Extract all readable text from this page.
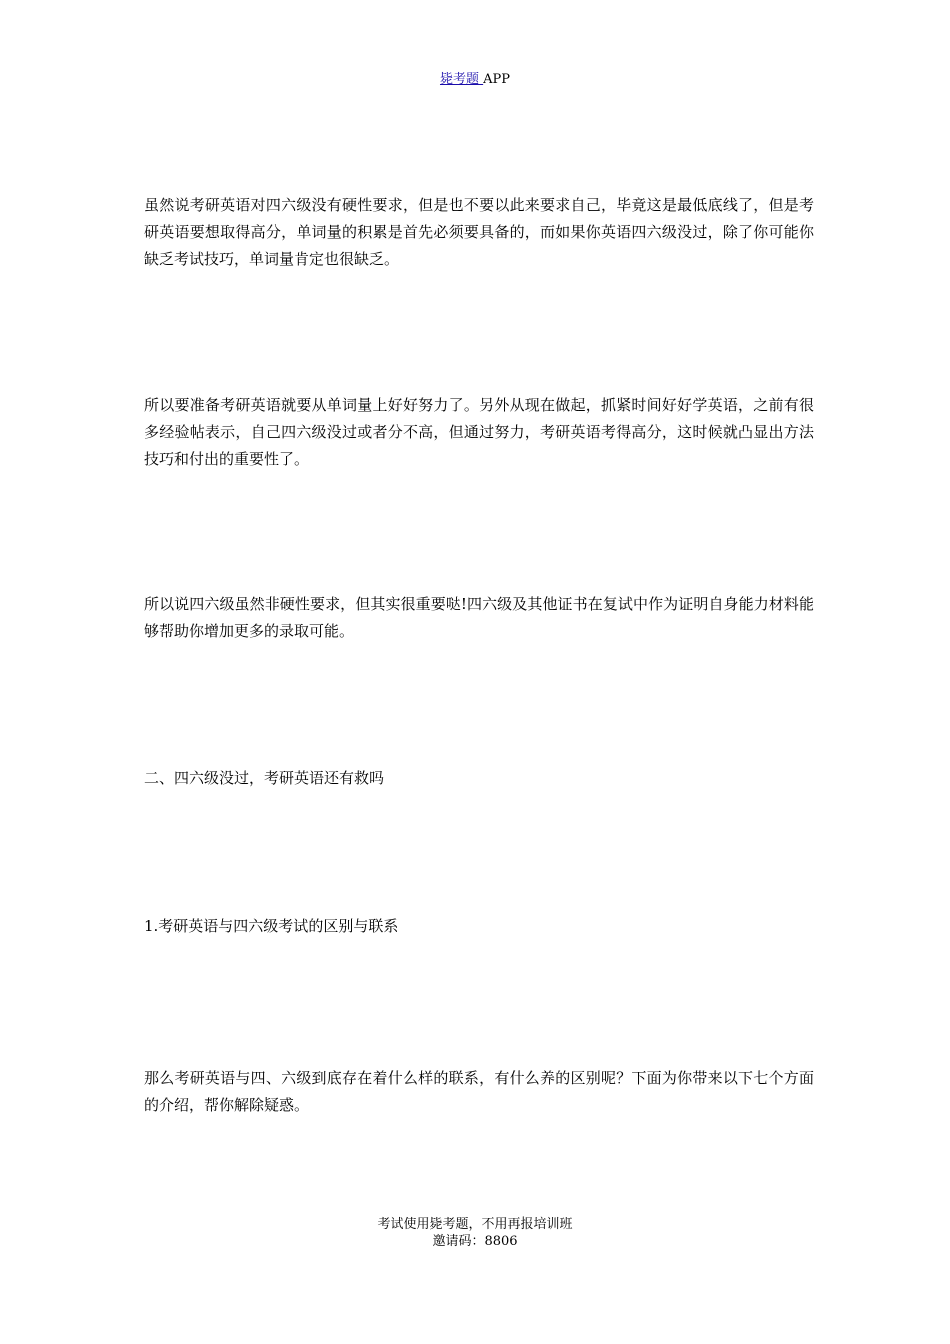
毙考题 APP

虽然说考研英语对四六级没有硬性要求，但是也不要以此来要求自己，毕竟这是最低底线了，但是考研英语要想取得高分，单词量的积累是首先必须要具备的，而如果你英语四六级没过，除了你可能你缺乏考试技巧，单词量肯定也很缺乏。

所以要准备考研英语就要从单词量上好好努力了。另外从现在做起，抓紧时间好好学英语，之前有很多经验帖表示，自己四六级没过或者分不高，但通过努力，考研英语考得高分，这时候就凸显出方法技巧和付出的重要性了。

所以说四六级虽然非硬性要求，但其实很重要哒!四六级及其他证书在复试中作为证明自身能力材料能够帮助你增加更多的录取可能。

二、四六级没过，考研英语还有救吗

1.考研英语与四六级考试的区别与联系

那么考研英语与四、六级到底存在着什么样的联系，有什么养的区别呢？下面为你带来以下七个方面的介绍，帮你解除疑惑。

考试使用毙考题，不用再报培训班
邀请码：8806
